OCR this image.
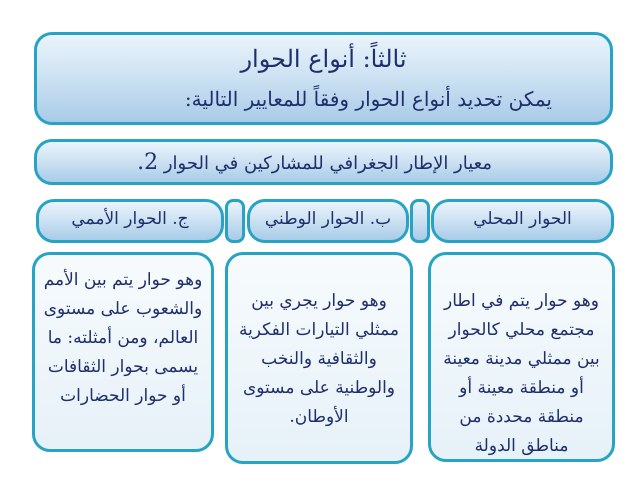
ثالثاً: أنواع الحوار
يمكن تحديد أنواع الحوار وفقاً للمعايير التالية:
معيار الإطار الجغرافي للمشاركين في الحوار 2.
الحوار المحلي
ب. الحوار الوطني
ج. الحوار الأممي
وهو حوار يتم في اطار مجتمع محلي كالحوار بين ممثلي مدينة معينة أو منطقة معينة أو منطقة محددة من مناطق الدولة
وهو حوار يجري بين ممثلي التيارات الفكرية والثقافية والنخب والوطنية على مستوى الأوطان.
وهو حوار يتم بين الأمم والشعوب على مستوى العالم، ومن أمثلته: ما يسمى بحوار الثقافات أو حوار الحضارات
